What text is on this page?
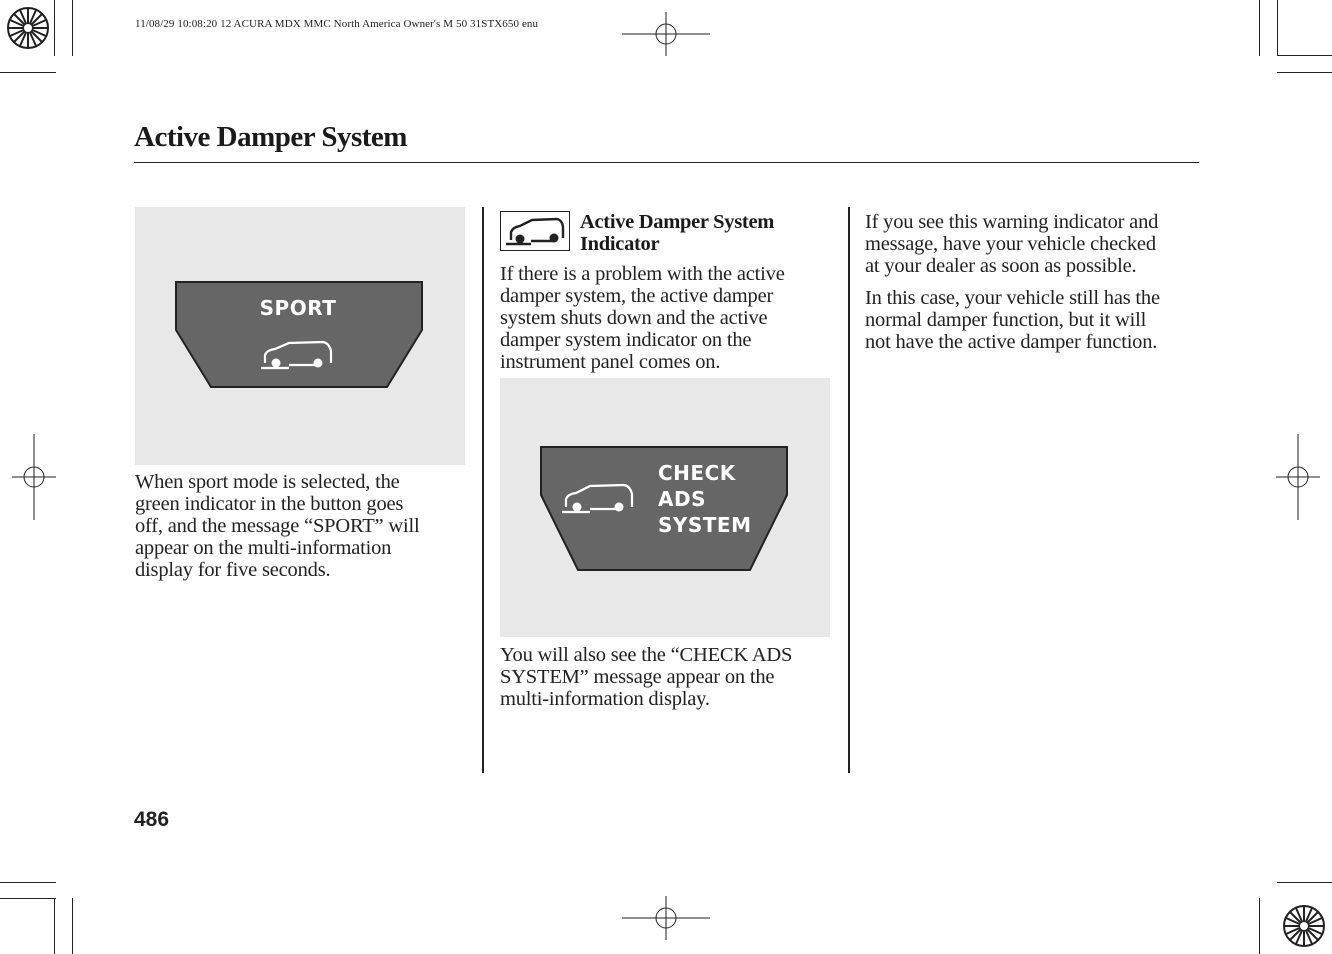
11/08/29 10:08:20 12 ACURA MDX MMC North America Owner's M 50 31STX650 enu
Active Damper System
SPORT
When sport mode is selected, the
green indicator in the button goes
off, and the message “SPORT” will
appear on the multi-information
display for five seconds.
Active Damper System
Indicator
If there is a problem with the active
damper system, the active damper
system shuts down and the active
damper system indicator on the
instrument panel comes on.
CHECK
ADS
SYSTEM
You will also see the “CHECK ADS
SYSTEM” message appear on the
multi-information display.
If you see this warning indicator and
message, have your vehicle checked
at your dealer as soon as possible.
In this case, your vehicle still has the
normal damper function, but it will
not have the active damper function.
486
